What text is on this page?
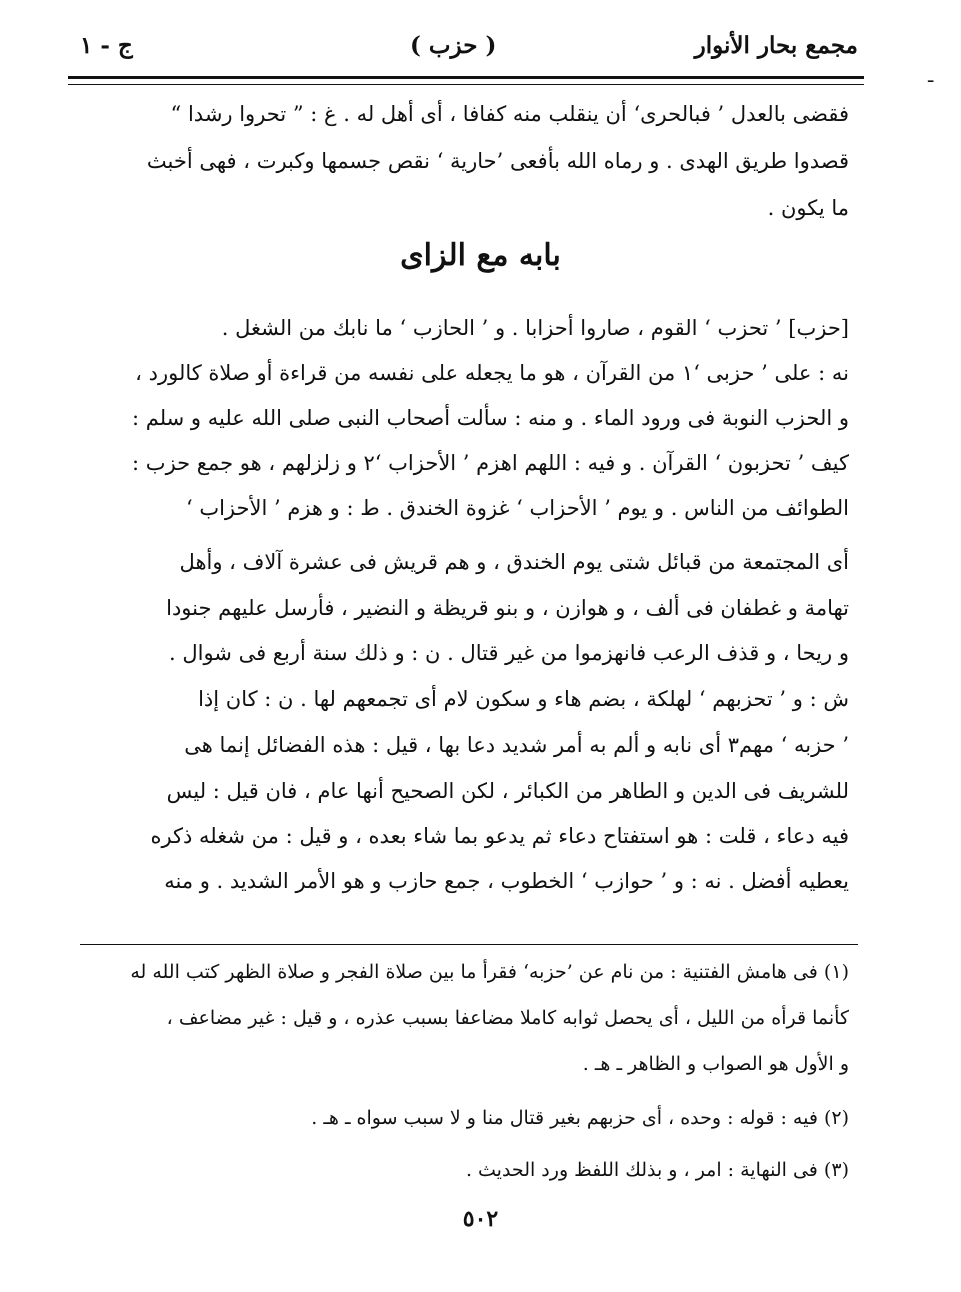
مجمع بحار الأنوار
( حزب )
ج - ١
ـ
فقضى بالعدل ’ فبالحرى‘ أن ينقلب منه كفافا ، أى أهل له . غ : ” تحروا رشدا “
قصدوا طريق الهدى . و رماه الله بأفعى ’حارية ‘ نقص جسمها وكبرت ، فهى أخبث
ما يكون .
بابه مع الزاى
[حزب] ’ تحزب ‘ القوم ، صاروا أحزابا . و ’ الحازب ‘ ما نابك من الشغل .
نه : على ’ حزبى ‘١ من القرآن ، هو ما يجعله على نفسه من قراءة أو صلاة كالورد ،
و الحزب النوبة فى ورود الماء . و منه : سألت أصحاب النبى صلى الله عليه و سلم :
كيف ’ تحزبون ‘ القرآن . و فيه : اللهم اهزم ’ الأحزاب ‘٢ و زلزلهم ، هو جمع حزب :
الطوائف من الناس . و يوم ’ الأحزاب ‘ غزوة الخندق . ط : و هزم ’ الأحزاب ‘
أى المجتمعة من قبائل شتى يوم الخندق ، و هم قريش فى عشرة آلاف ، وأهل
تهامة و غطفان فى ألف ، و هوازن ، و بنو قريظة و النضير ، فأرسل عليهم جنودا
و ريحا ، و قذف الرعب فانهزموا من غير قتال . ن : و ذلك سنة أربع فى شوال .
ش : و ’ تحزبهم ‘ لهلكة ، بضم هاء و سكون لام أى تجمعهم لها . ن : كان إذا
’ حزبه ‘ مهم٣ أى نابه و ألم به أمر شديد دعا بها ، قيل : هذه الفضائل إنما هى
للشريف فى الدين و الطاهر من الكبائر ، لكن الصحيح أنها عام ، فان قيل : ليس
فيه دعاء ، قلت : هو استفتاح دعاء ثم يدعو بما شاء بعده ، و قيل : من شغله ذكره
يعطيه أفضل . نه : و ’ حوازب ‘ الخطوب ، جمع حازب و هو الأمر الشديد . و منه
(١) فى هامش الفتنية : من نام عن ’حزبه‘ فقرأ ما بين صلاة الفجر و صلاة الظهر كتب الله له
كأنما قرأه من الليل ، أى يحصل ثوابه كاملا مضاعفا بسبب عذره ، و قيل : غير مضاعف ،
و الأول هو الصواب و الظاهر ـ هـ .
(٢) فيه : قوله : وحده ، أى حزبهم بغير قتال منا و لا سبب سواه ـ هـ .
(٣) فى النهاية : امر ، و بذلك اللفظ ورد الحديث .
٥٠٢
